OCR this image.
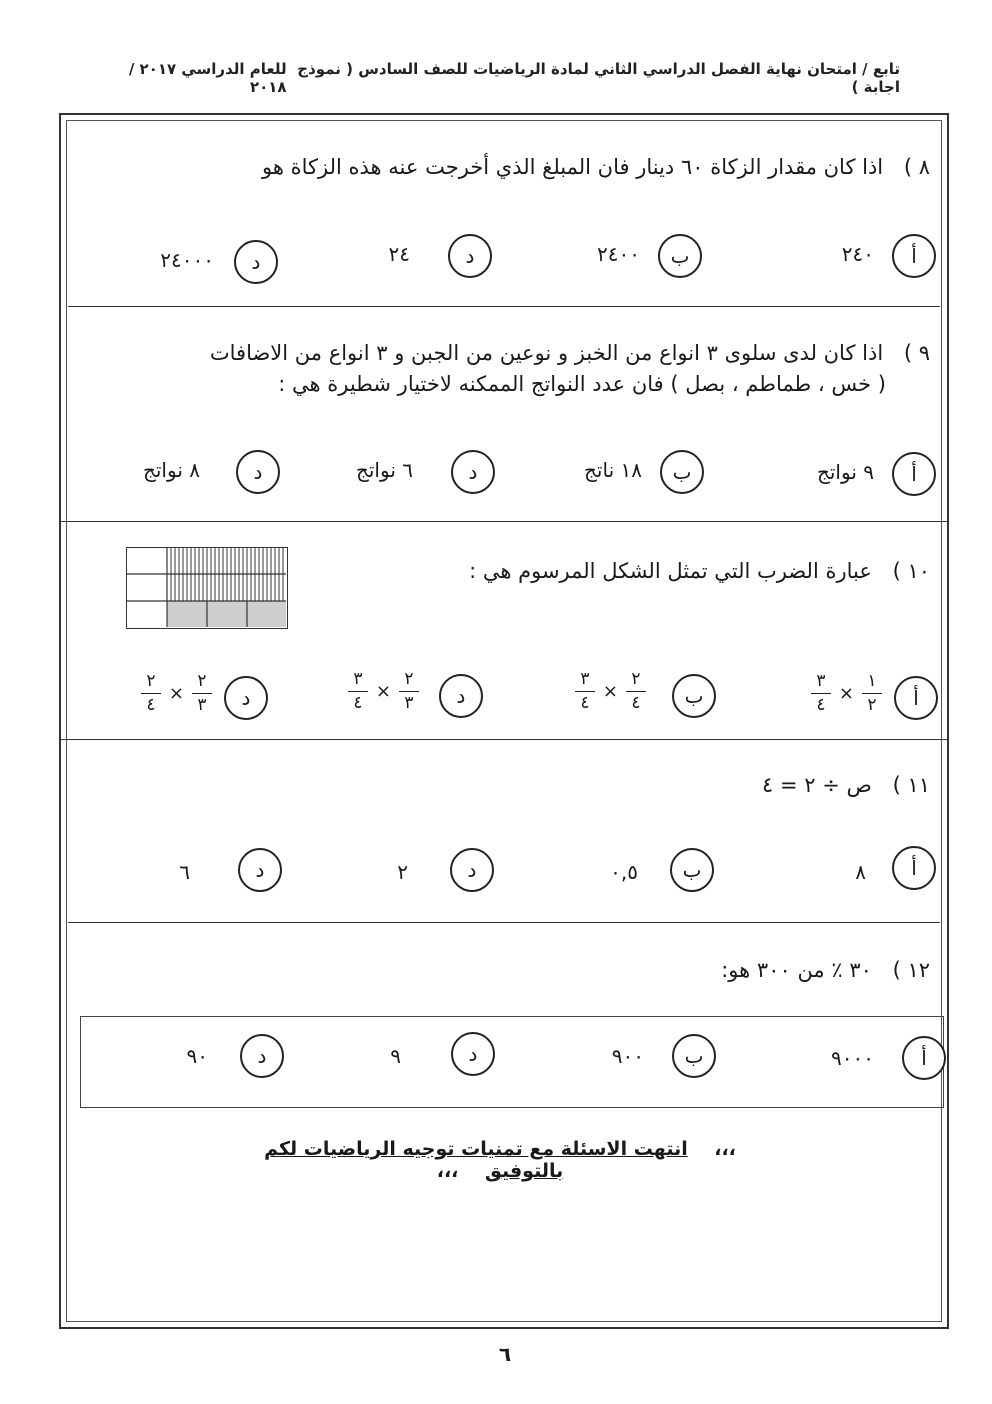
تابع / امتحان نهاية الفصل الدراسي الثاني لمادة الرياضيات للصف السادس ( نموذج اجابة )
للعام الدراسي ٢٠١٧ / ٢٠١٨
٨ ) اذا كان مقدار الزكاة ٦٠ دينار فان المبلغ الذي أخرجت عنه هذه الزكاة هو
أ
٢٤٠
ب
٢٤٠٠
د
٢٤
د
٢٤٠٠٠
٩ ) اذا كان لدى سلوى ٣ انواع من الخبز و نوعين من الجبن و ٣ انواع من الاضافات
( خس ، طماطم ، بصل ) فان عدد النواتج الممكنه لاختيار شطيرة هي :
أ
٩ نواتج
ب
١٨ ناتج
د
٦ نواتج
د
٨ نواتج
١٠ ) عبارة الضرب التي تمثل الشكل المرسوم هي :
أ
$\frac{٣}{٤} \times \frac{١}{٢}$
ب
$\frac{٣}{٤} \times \frac{٢}{٤}$
د
$\frac{٣}{٤} \times \frac{٢}{٣}$
د
$\frac{٢}{٤} \times \frac{٢}{٣}$
١١ ) ص ÷ ٢ = ٤
أ
٨
ب
٠,٥
د
٢
د
٦
١٢ ) ٣٠ ٪ من ٣٠٠ هو:
أ
٩٠٠٠
ب
٩٠٠
د
٩
د
٩٠
،،،    انتهت الاسئلة مع تمنيات توجيه الرياضيات لكم بالتوفيق    ،،،
٦
